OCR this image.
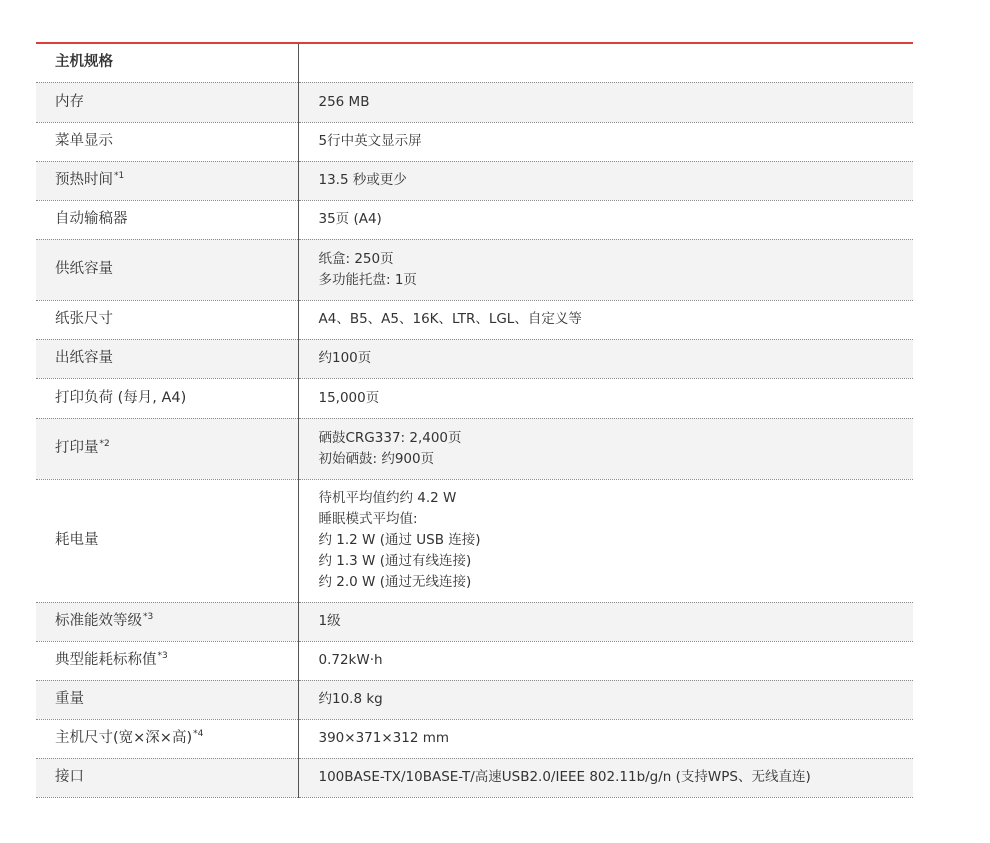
主机规格	
内存	256 MB

菜单显示	5行中英文显示屏

预热时间$^{*1}$	13.5 秒或更少

自动输稿器	35页 (A4)

供纸容量	纸盒: 250页
多功能托盘: 1页

纸张尺寸	A4、B5、A5、16K、LTR、LGL、自定义等

出纸容量	约100页

打印负荷 (每月, A4)	15,000页

打印量$^{*2}$	硒鼓CRG337: 2,400页
初始硒鼓: 约900页

耗电量	待机平均值约约 4.2 W
睡眠模式平均值:
约 1.2 W (通过 USB 连接)
约 1.3 W (通过有线连接)
约 2.0 W (通过无线连接)

标准能效等级$^{*3}$	1级

典型能耗标称值$^{*3}$	0.72kW·h

重量	约10.8 kg

主机尺寸(宽×深×高)$^{*4}$	390×371×312 mm

接口	100BASE-TX/10BASE-T/高速USB2.0/IEEE 802.11b/g/n (支持WPS、无线直连)
